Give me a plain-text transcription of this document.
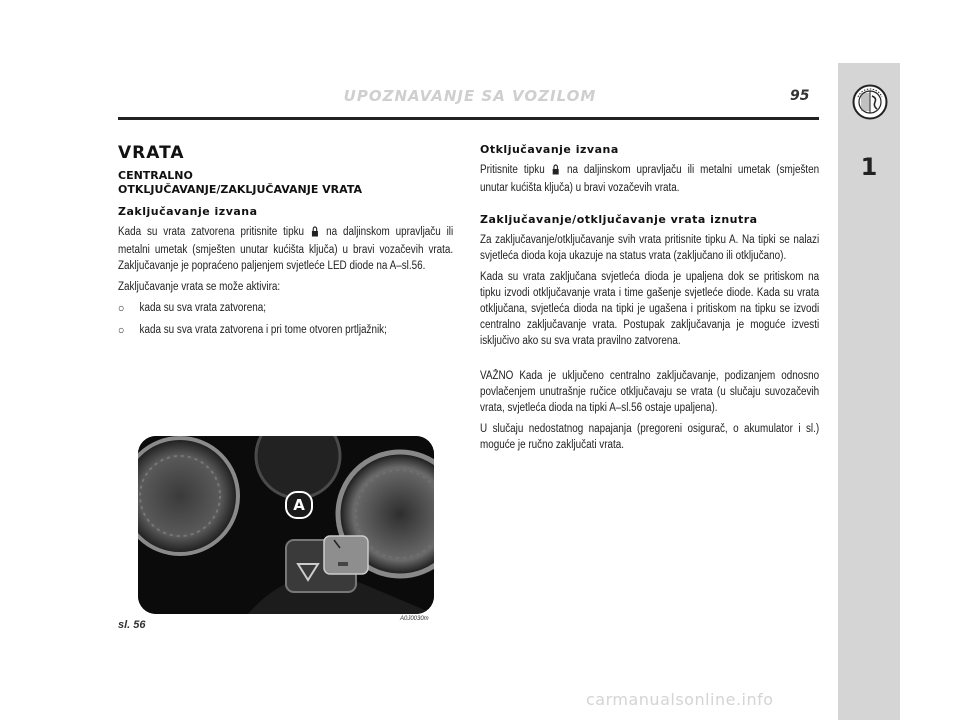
UPOZNAVANJE SA VOZILOM	95
1
VRATA
CENTRALNO
OTKLJUČAVANJE/ZAKLJUČAVANJE VRATA
Zaključavanje izvana

Kada su vrata zatvorena pritisnite tipku na daljinskom upravljaču ili metalni umetak (smješten unutar kućišta ključa) u bravi vozačevih vrata. Zaključavanje je popraćeno paljenjem svjetleće LED diode na A–sl.56.

Zaključavanje vrata se može aktivira:

○ kada su sva vrata zatvorena;
○ kada su sva vrata zatvorena i pri tome otvoren prtljažnik;
Otključavanje izvana

Pritisnite tipku na daljinskom upravljaču ili metalni umetak (smješten unutar kućišta ključa) u bravi vozačevih vrata.

Zaključavanje/otključavanje vrata iznutra

Za zaključavanje/otključavanje svih vrata pritisnite tipku A. Na tipki se nalazi svjetleća dioda koja ukazuje na status vrata (zaključano ili otključano).

Kada su vrata zaključana svjetleća dioda je upaljena dok se pritiskom na tipku izvodi otključavanje vrata i time gašenje svjetleće diode. Kada su vrata otključana, svjetleća dioda na tipki je ugašena i pritiskom na tipku se izvodi centralno zaključavanje vrata. Postupak zaključavanja je moguće izvesti isključivo ako su sva vrata pravilno zatvorena.

VAŽNO Kada je uključeno centralno zaključavanje, podizanjem odnosno povlačenjem unutrašnje ručice otključavaju se vrata (u slučaju suvozačevih vrata, svjetleća dioda na tipki A–sl.56 ostaje upaljena).

U slučaju nedostatnog napajanja (pregoreni osigurač, o akumulator i sl.) moguće je ručno zaključati vrata.

A
A0J0030m
sl. 56
carmanualsonline.info
